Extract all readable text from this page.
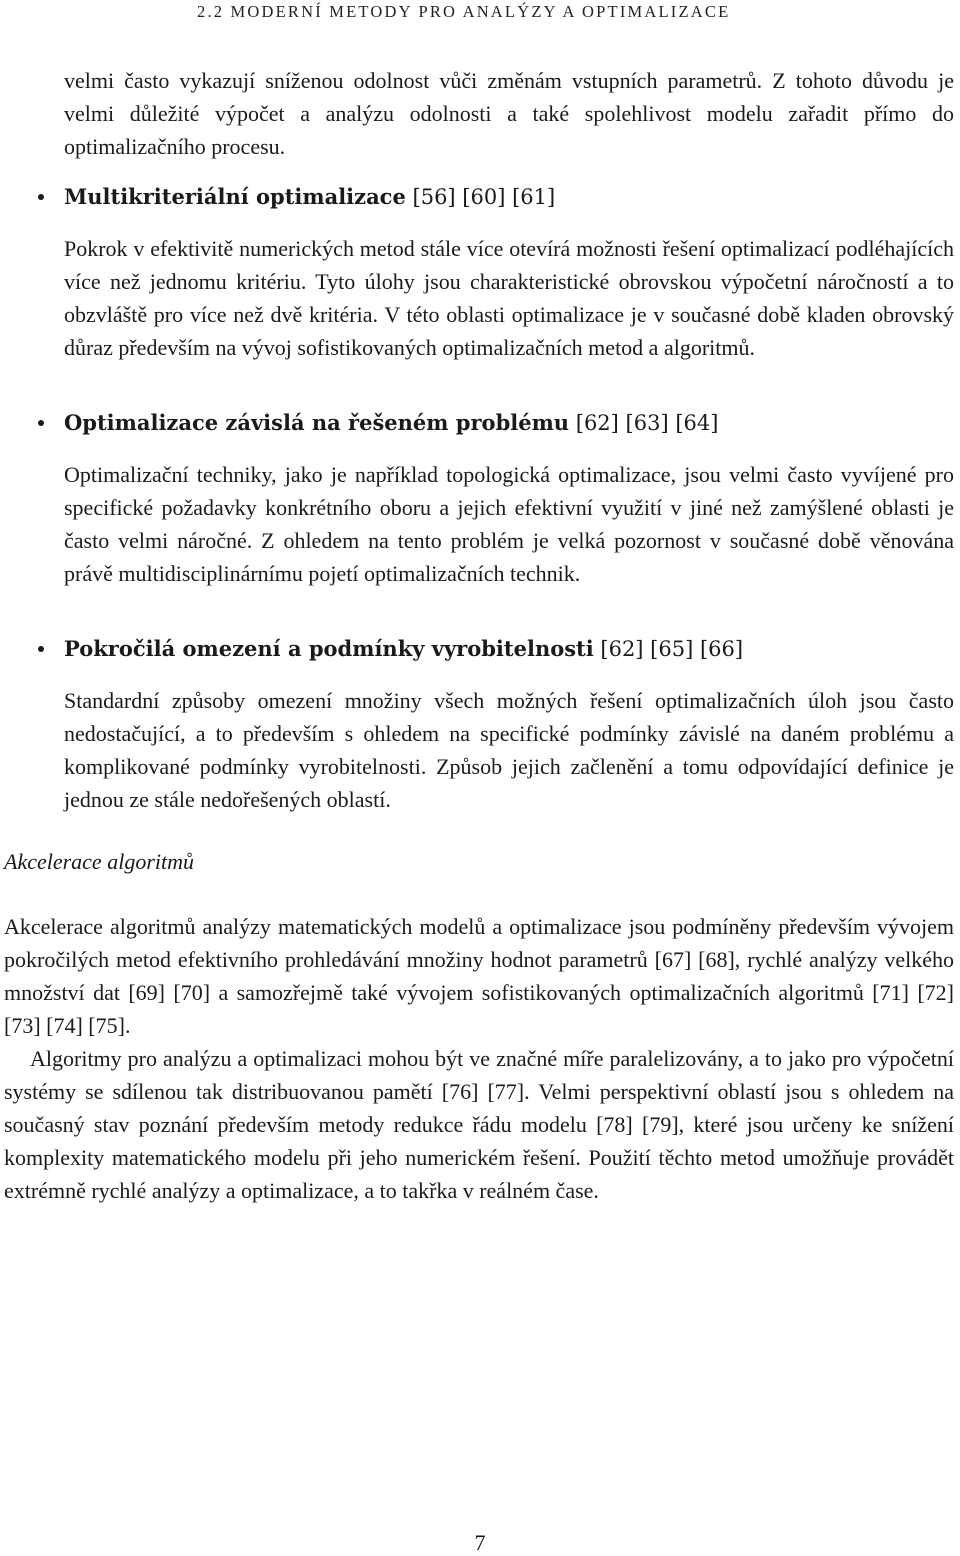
2.2 MODERNÍ METODY PRO ANALÝZY A OPTIMALIZACE

velmi často vykazují sníženou odolnost vůči změnám vstupních parametrů. Z tohoto důvodu je velmi důležité výpočet a analýzu odolnosti a také spolehlivost modelu zařadit přímo do optimalizačního procesu.

Multikriteriální optimalizace [56] [60] [61]

Pokrok v efektivitě numerických metod stále více otevírá možnosti řešení optimalizací podléhajících více než jednomu kritériu. Tyto úlohy jsou charakteristické obrovskou výpočetní náročností a to obzvláště pro více než dvě kritéria. V této oblasti optimalizace je v současné době kladen obrovský důraz především na vývoj sofistikovaných optimalizačních metod a algoritmů.

Optimalizace závislá na řešeném problému [62] [63] [64]

Optimalizační techniky, jako je například topologická optimalizace, jsou velmi často vyvíjené pro specifické požadavky konkrétního oboru a jejich efektivní využití v jiné než zamýšlené oblasti je často velmi náročné. Z ohledem na tento problém je velká pozornost v současné době věnována právě multidisciplinárnímu pojetí optimalizačních technik.

Pokročilá omezení a podmínky vyrobitelnosti [62] [65] [66]

Standardní způsoby omezení množiny všech možných řešení optimalizačních úloh jsou často nedostačující, a to především s ohledem na specifické podmínky závislé na daném problému a komplikované podmínky vyrobitelnosti. Způsob jejich začlenění a tomu odpovídající definice je jednou ze stále nedořešených oblastí.

Akcelerace algoritmů

Akcelerace algoritmů analýzy matematických modelů a optimalizace jsou podmíněny především vývojem pokročilých metod efektivního prohledávání množiny hodnot parametrů [67] [68], rychlé analýzy velkého množství dat [69] [70] a samozřejmě také vývojem sofistikovaných optimalizačních algoritmů [71] [72] [73] [74] [75].

Algoritmy pro analýzu a optimalizaci mohou být ve značné míře paralelizovány, a to jako pro výpočetní systémy se sdílenou tak distribuovanou pamětí [76] [77]. Velmi perspektivní oblastí jsou s ohledem na současný stav poznání především metody redukce řádu modelu [78] [79], které jsou určeny ke snížení komplexity matematického modelu při jeho numerickém řešení. Použití těchto metod umožňuje provádět extrémně rychlé analýzy a optimalizace, a to takřka v reálném čase.

7
